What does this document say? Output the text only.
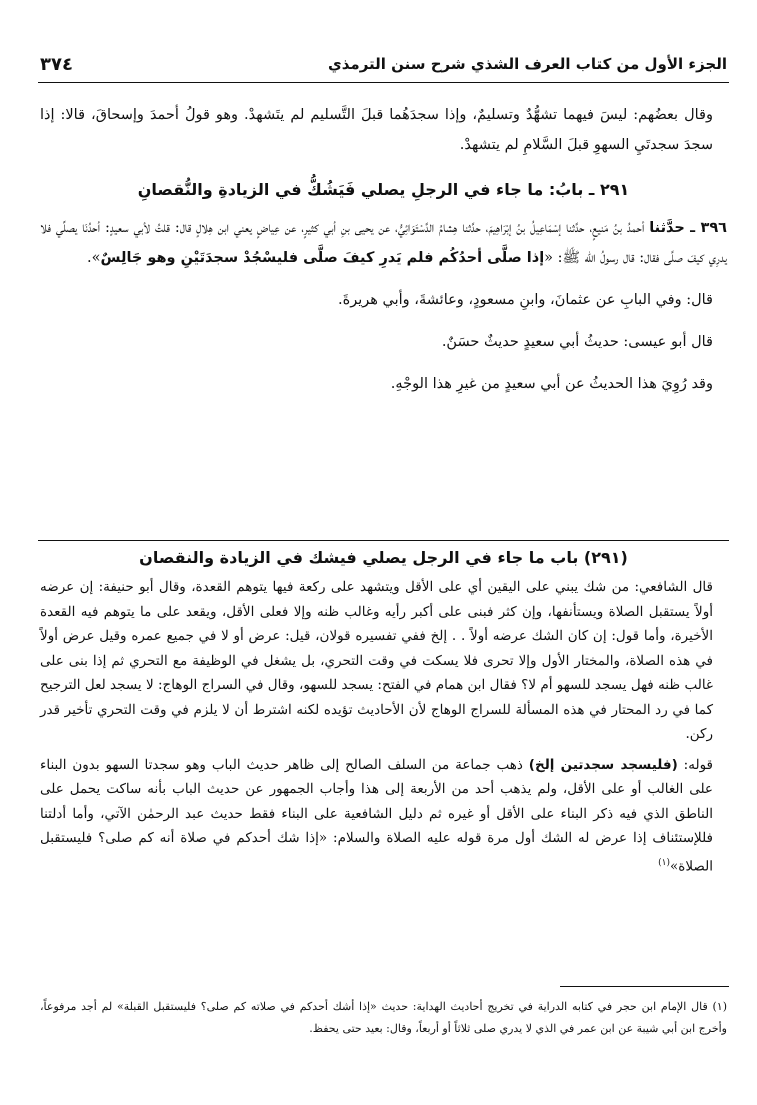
الجزء الأول من كتاب العرف الشذي شرح سنن الترمذي
٣٧٤

وقال بعضُهم: ليسَ فيهما تشهُّدٌ وتسليمٌ، وإذا سجدَهُما قبلَ التَّسليم لم يتَشهدْ. وهو قولُ أحمدَ وإسحاقَ، قالا: إذا سجدَ سجدتَيِ السهوِ قبلَ السَّلامِ لم يتشهدْ.

٢٩١ ـ بابُ: ما جاء في الرجلِ يصلي فَيَشُكُّ في الزيادةِ والنُّقصانِ

٣٩٦ ـ حدَّثنا أحمدُ بنُ مَنيعٍ، حدَّثنا إسْمَاعِيلُ بنُ إبْرَاهِيمَ، حدَّثنا هِشامُ الدَّسْتَوَائِيُّ، عن يحيى بنِ أبي كثيرٍ، عن عِياضٍ يعني ابن هِلالٍ قال: قلتُ لأبي سعيدٍ: أحدُنَا يصلِّي فلا يدرِي كيفَ صلَّى فقال: قال رسولُ الله ﷺ: «إذا صلَّى أحدُكُم فلم يَدرِ كيفَ صلَّى فليسْجُدْ سجدَتَيْنِ وهو جَالِسٌ».

قال: وفي البابِ عن عثمانَ، وابنِ مسعودٍ، وعائشةَ، وأبي هريرةَ.

قال أبو عيسى: حديثُ أبي سعيدٍ حديثٌ حسَنٌ.

وقد رُوِيَ هذا الحديثُ عن أبي سعيدٍ من غيرِ هذا الوجْهِ.

(٢٩١) باب ما جاء في الرجل يصلي فيشك في الزيادة والنقصان

قال الشافعي: من شك يبني على اليقين أي على الأقل ويتشهد على ركعة فيها يتوهم القعدة، وقال أبو حنيفة: إن عرضه أولاً يستقبل الصلاة ويستأنفها، وإن كثر فبنى على أكبر رأيه وغالب ظنه وإلا فعلى الأقل، ويقعد على ما يتوهم فيه القعدة الأخيرة، وأما قول: إن كان الشك عرضه أولاً . . إلخ ففي تفسيره قولان، قيل: عرض أو لا في جميع عمره وقيل عرض أولاً في هذه الصلاة، والمختار الأول وإلا تحرى فلا يسكت في وقت التحري، بل يشغل في الوظيفة مع التحري ثم إذا بنى على غالب ظنه فهل يسجد للسهو أم لا؟ فقال ابن همام في الفتح: يسجد للسهو، وقال في السراج الوهاج: لا يسجد لعل الترجيح كما في رد المحتار في هذه المسألة للسراج الوهاج لأن الأحاديث تؤيده لكنه اشترط أن لا يلزم في وقت التحري تأخير قدر ركن.

قوله: (فليسجد سجدتين إلخ) ذهب جماعة من السلف الصالح إلى ظاهر حديث الباب وهو سجدتا السهو بدون البناء على الغالب أو على الأقل، ولم يذهب أحد من الأربعة إلى هذا وأجاب الجمهور عن حديث الباب بأنه ساكت يحمل على الناطق الذي فيه ذكر البناء على الأقل أو غيره ثم دليل الشافعية على البناء فقط حديث عبد الرحمٰن الآتي، وأما أدلتنا فللإستئناف إذا عرض له الشك أول مرة قوله عليه الصلاة والسلام: «إذا شك أحدكم في صلاة أنه كم صلى؟ فليستقبل الصلاة»$^{(١)}$

(١) قال الإمام ابن حجر في كتابه الدراية في تخريج أحاديث الهداية: حديث «إذا أشك أحدكم في صلاته كم صلى؟ فليستقبل القبلة» لم أجد مرفوعاً، وأخرج ابن أبي شيبة عن ابن عمر في الذي لا يدري صلى ثلاثاً أو أربعاً، وقال: بعيد حتى يحفظ.
